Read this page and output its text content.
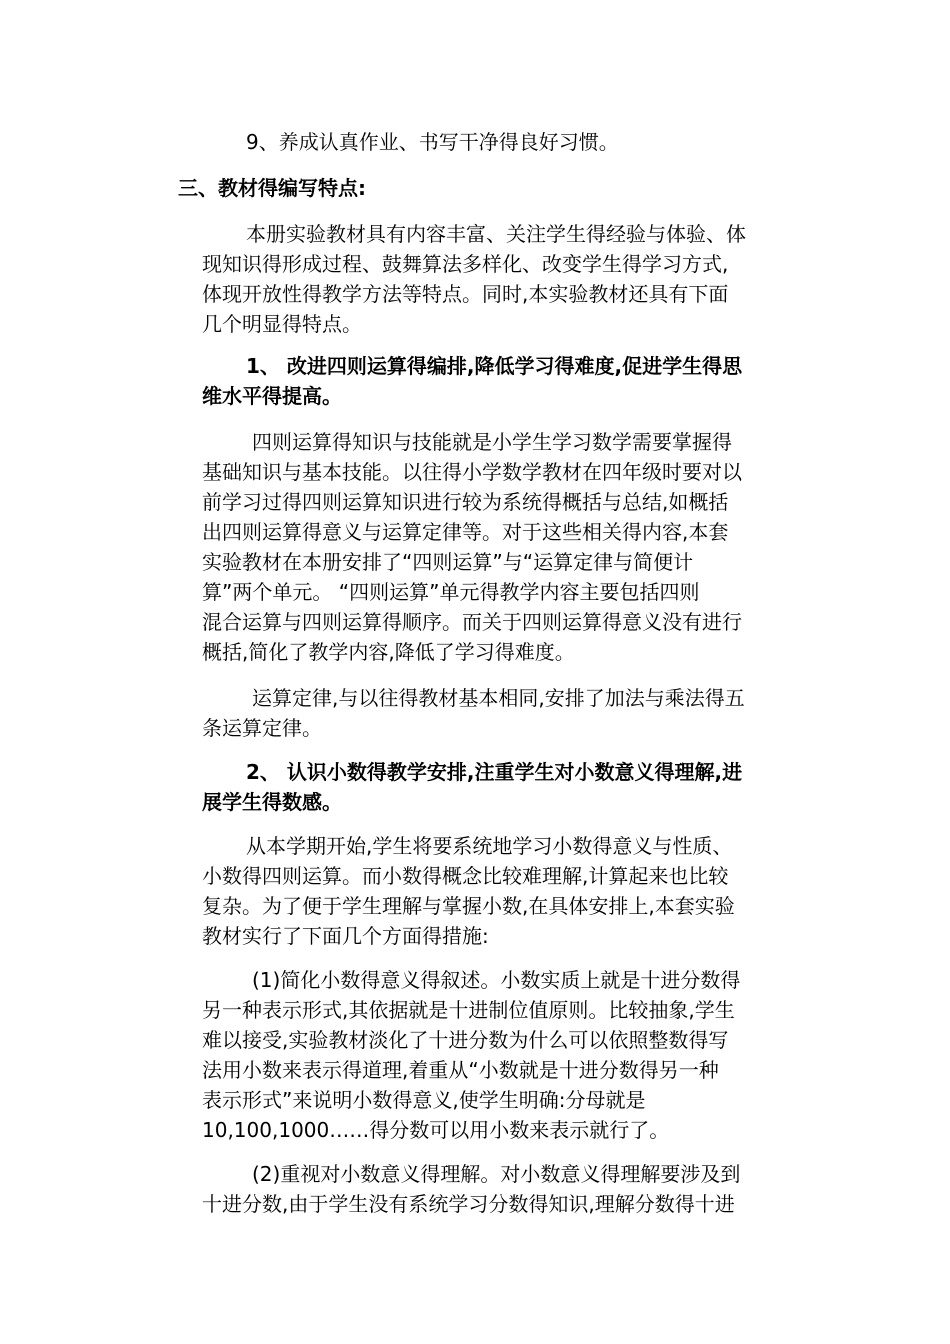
9、养成认真作业、书写干净得良好习惯。
三、教材得编写特点:
本册实验教材具有内容丰富、关注学生得经验与体验、体
现知识得形成过程、鼓舞算法多样化、改变学生得学习方式,
体现开放性得教学方法等特点。同时,本实验教材还具有下面
几个明显得特点。
1、 改进四则运算得编排,降低学习得难度,促进学生得思
维水平得提高。
四则运算得知识与技能就是小学生学习数学需要掌握得
基础知识与基本技能。以往得小学数学教材在四年级时要对以
前学习过得四则运算知识进行较为系统得概括与总结,如概括
出四则运算得意义与运算定律等。对于这些相关得内容,本套
实验教材在本册安排了“四则运算”与“运算定律与简便计
算”两个单元。 “四则运算”单元得教学内容主要包括四则
混合运算与四则运算得顺序。而关于四则运算得意义没有进行
概括,简化了教学内容,降低了学习得难度。
运算定律,与以往得教材基本相同,安排了加法与乘法得五
条运算定律。
2、 认识小数得教学安排,注重学生对小数意义得理解,进
展学生得数感。
从本学期开始,学生将要系统地学习小数得意义与性质、
小数得四则运算。而小数得概念比较难理解,计算起来也比较
复杂。为了便于学生理解与掌握小数,在具体安排上,本套实验
教材实行了下面几个方面得措施:
(1)简化小数得意义得叙述。小数实质上就是十进分数得
另一种表示形式,其依据就是十进制位值原则。比较抽象,学生
难以接受,实验教材淡化了十进分数为什么可以依照整数得写
法用小数来表示得道理,着重从“小数就是十进分数得另一种
表示形式”来说明小数得意义,使学生明确:分母就是
10,100,1000……得分数可以用小数来表示就行了。
(2)重视对小数意义得理解。对小数意义得理解要涉及到
十进分数,由于学生没有系统学习分数得知识,理解分数得十进
